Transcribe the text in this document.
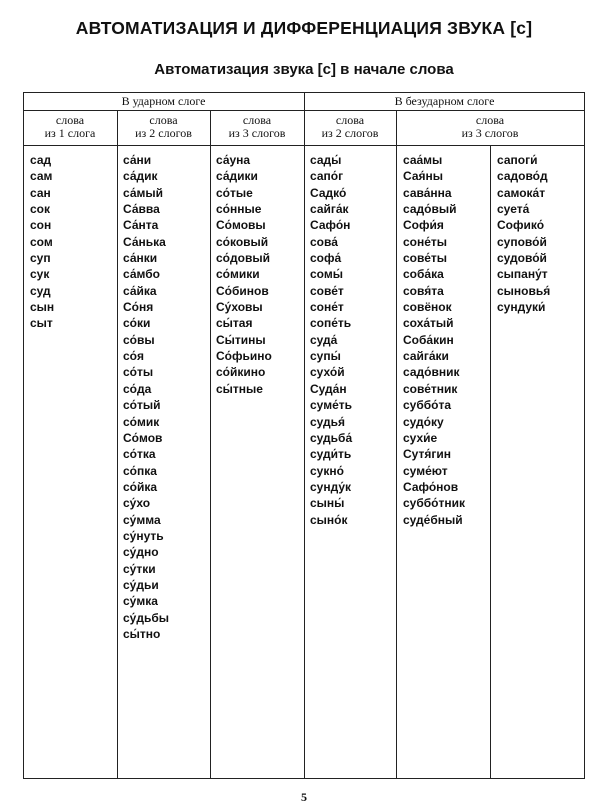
АВТОМАТИЗАЦИЯ И ДИФФЕРЕНЦИАЦИЯ ЗВУКА [с]
Автоматизация звука [с] в начале слова
В ударном слоге	В безударном слоге
слова
из 1 слога
слова
из 2 слогов
слова
из 3 слогов
слова
из 2 слогов
слова
из 3 слогов
сад
сам
сан
сок
сон
сом
суп
сук
суд
сын
сыт
са́ни
са́дик
са́мый
Са́вва
Са́нта
Са́нька
са́нки
са́мбо
са́йка
Со́ня
со́ки
со́вы
со́я
со́ты
со́да
со́тый
со́мик
Со́мов
со́тка
со́пка
со́йка
су́хо
су́мма
су́нуть
су́дно
су́тки
су́дьи
су́мка
су́дьбы
сы́тно
са́уна
са́дики
со́тые
со́нные
Со́мовы
со́ковый
со́довый
со́мики
Со́бинов
Су́ховы
сы́тая
Сы́тины
Со́фьино
со́йкино
сы́тные
сады́
сапо́г
Садко́
сайга́к
Сафо́н
сова́
софа́
сомы́
сове́т
соне́т
сопе́ть
суда́
супы́
сухо́й
Суда́н
суме́ть
судья́
судьба́
суди́ть
сукно́
сунду́к
сыны́
сыно́к
саа́мы
Сая́ны
сава́нна
садо́вый
Софи́я
соне́ты
сове́ты
соба́ка
совя́та
совёнок
соха́тый
Соба́кин
сайга́ки
садо́вник
сове́тник
суббо́та
судо́ку
сухи́е
Сутя́гин
суме́ют
Сафо́нов
суббо́тник
суде́бный
сапоги́
садово́д
самока́т
суета́
Софико́
супово́й
судово́й
сыпану́т
сыновья́
сундуки́
5
